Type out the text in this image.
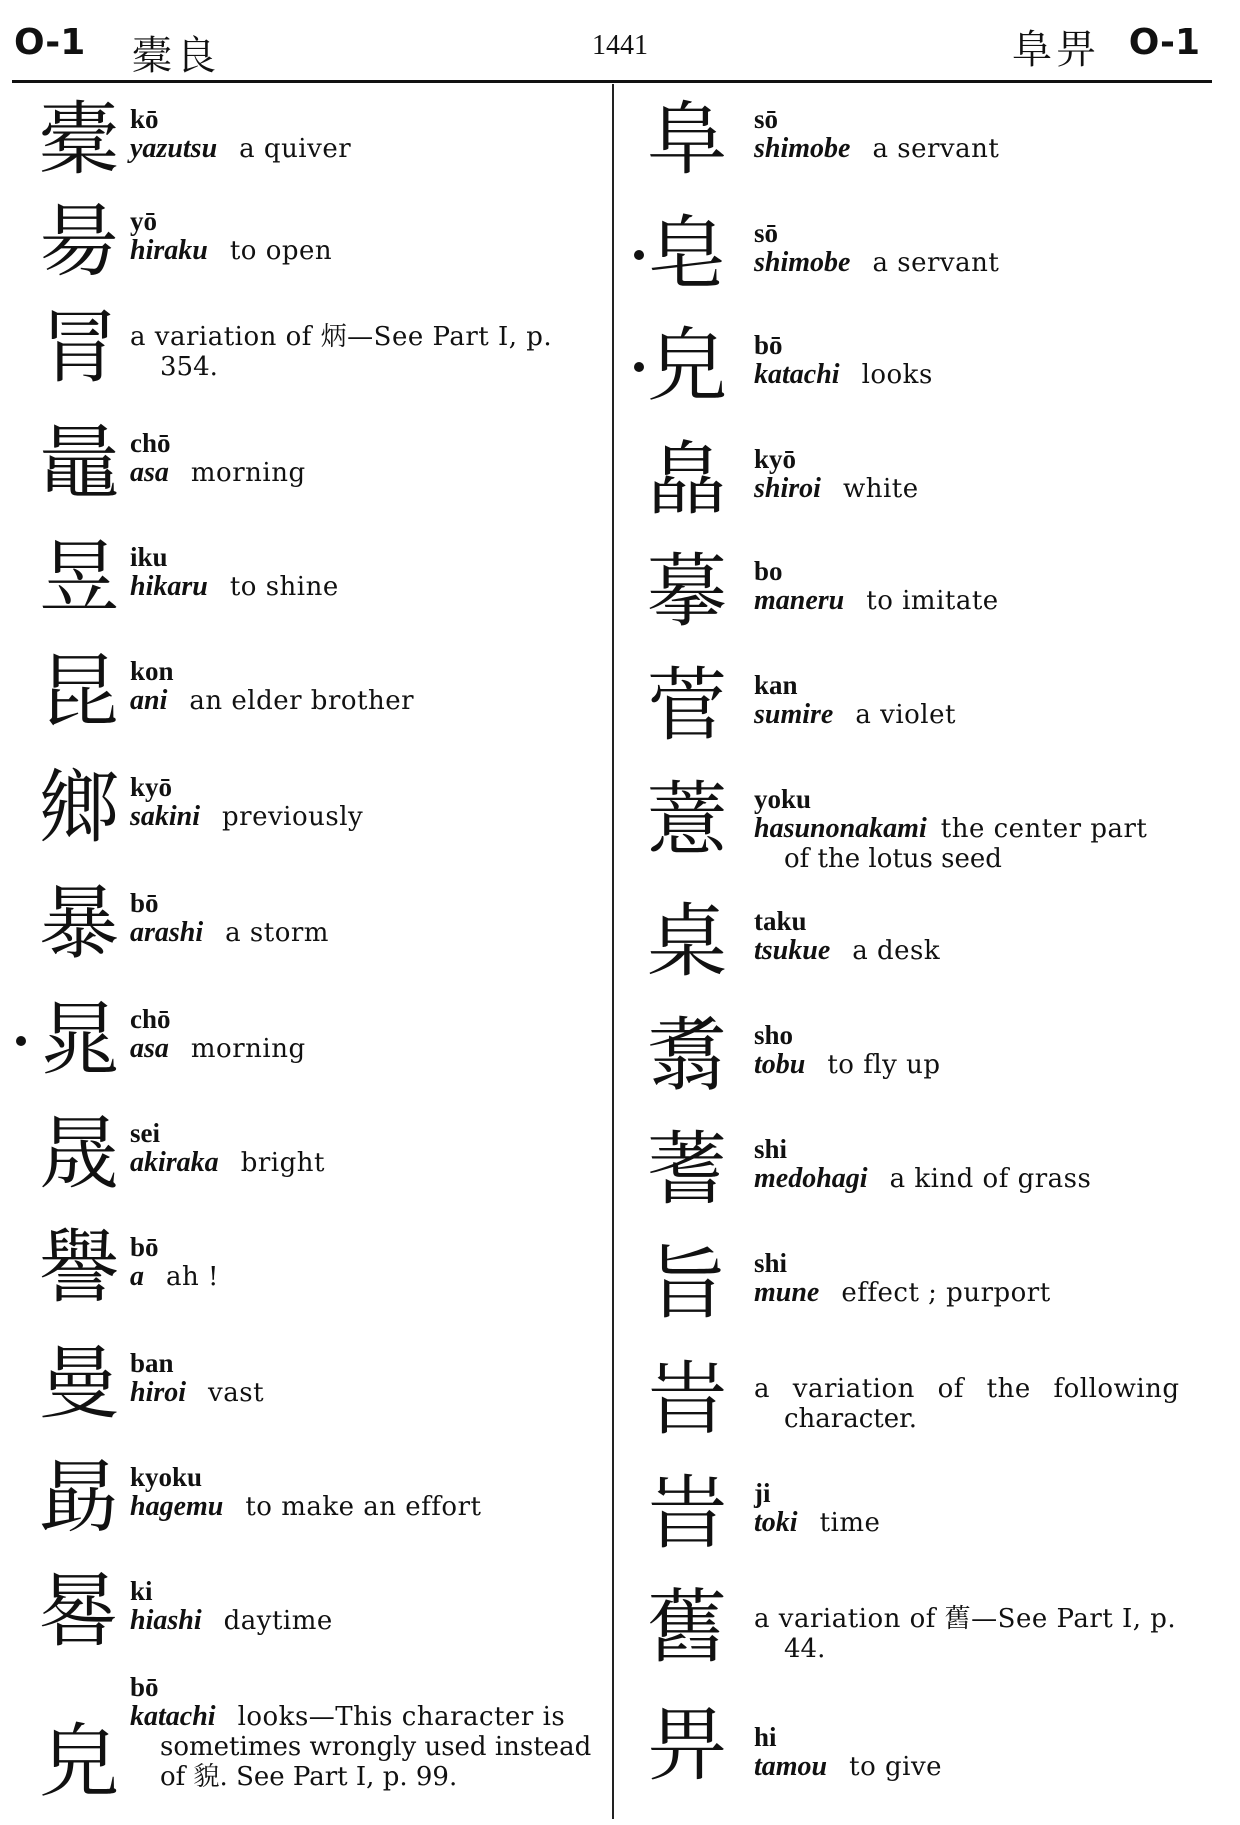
O-1 橐良	1441	阜畀 O-1
橐 kō
yazutsu a quiver
昜 yō
hiraku to open
冐 a variation of 炳—See Part I, p.
354.
鼂 chō
asa morning
昱 iku
hikaru to shine
昆 kon
ani an elder brother
鄉 kyō
sakini previously
暴 bō
arashi a storm
晁 chō
asa morning
晟 sei
akiraka bright
譽 bō
a ah !
曼 ban
hiroi vast
勗 kyoku
hagemu to make an effort
晷 ki
hiashi daytime
皃
bō
katachi looks—This character is
sometimes wrongly used instead
of 貌. See Part I, p. 99.
阜 sō
shimobe a servant
皂 sō
shimobe a servant
皃 bō
katachi looks
皛 kyō
shiroi white
摹 bo
maneru to imitate
菅 kan
sumire a violet
薏 yoku
hasunonakami the center part
of the lotus seed
桌 taku
tsukue a desk
翥 sho
tobu to fly up
蓍 shi
medohagi a kind of grass
旨 shi
mune effect ; purport
旹 a variation of the following
character.
旹 ji
toki time
舊 a variation of 舊—See Part I, p.
44.
畀 hi
tamou to give
